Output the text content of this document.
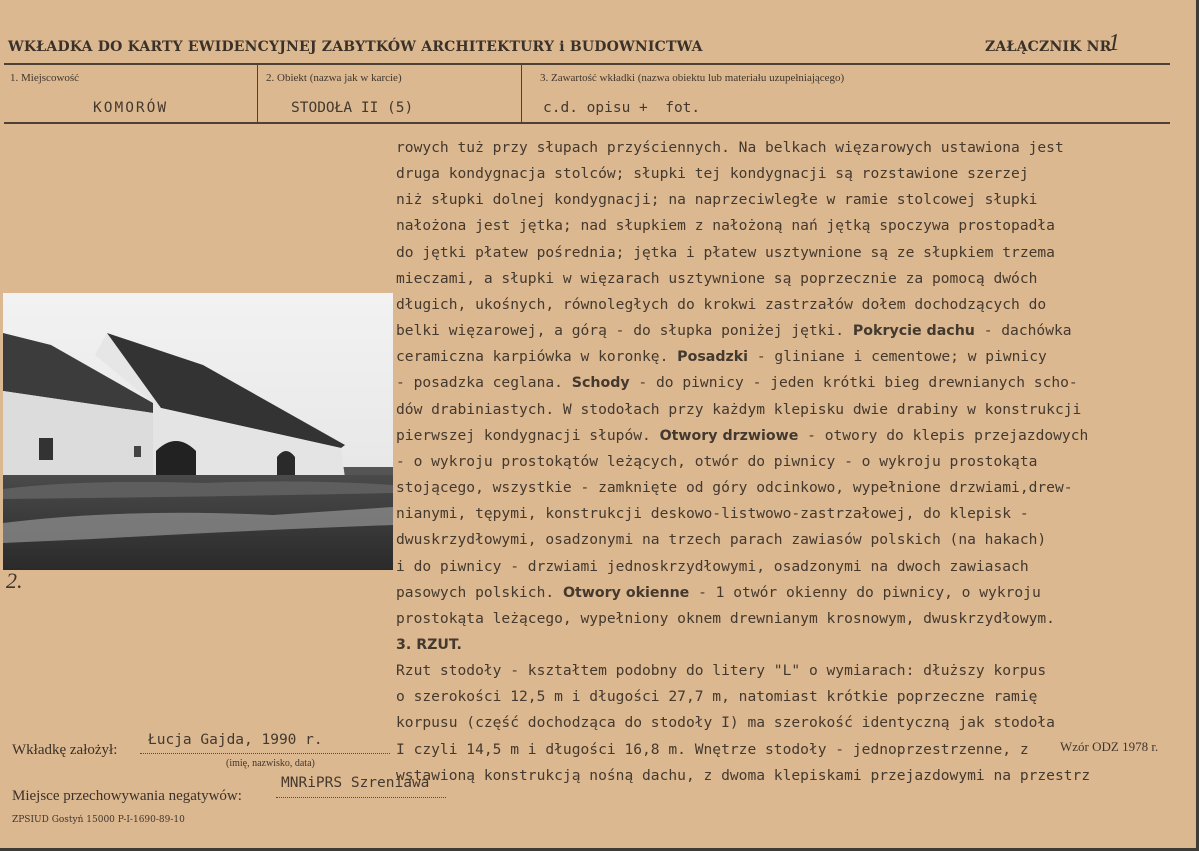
WKŁADKA DO KARTY EWIDENCYJNEJ ZABYTKÓW ARCHITEKTURY i BUDOWNICTWA	ZAŁĄCZNIK NR
1
1. Miejscowość
KOMORÓW
2. Obiekt (nazwa jak w karcie)
STODOŁA II (5)
3. Zawartość wkładki (nazwa obiektu lub materiału uzupełniającego)
c.d. opisu +  fot.
2.
rowych tuż przy słupach przyściennych. Na belkach więzarowych ustawiona jest
druga kondygnacja stolców; słupki tej kondygnacji są rozstawione szerzej
niż słupki dolnej kondygnacji; na naprzeciwległe w ramie stolcowej słupki
nałożona jest jętka; nad słupkiem z nałożoną nań jętką spoczywa prostopadła
do jętki płatew pośrednia; jętka i płatew usztywnione są ze słupkiem trzema
mieczami, a słupki w więzarach usztywnione są poprzecznie za pomocą dwóch
długich, ukośnych, równoległych do krokwi zastrzałów dołem dochodzących do
belki więzarowej, a górą - do słupka poniżej jętki. Pokrycie dachu - dachówka
ceramiczna karpiówka w koronkę. Posadzki - gliniane i cementowe; w piwnicy
- posadzka ceglana. Schody - do piwnicy - jeden krótki bieg drewnianych scho-
dów drabiniastych. W stodołach przy każdym klepisku dwie drabiny w konstrukcji
pierwszej kondygnacji słupów. Otwory drzwiowe - otwory do klepis przejazdowych
- o wykroju prostokątów leżących, otwór do piwnicy - o wykroju prostokąta
stojącego, wszystkie - zamknięte od góry odcinkowo, wypełnione drzwiami,drew-
nianymi, tępymi, konstrukcji deskowo-listwowo-zastrzałowej, do klepisk -
dwuskrzydłowymi, osadzonymi na trzech parach zawiasów polskich (na hakach)
i do piwnicy - drzwiami jednoskrzydłowymi, osadzonymi na dwoch zawiasach
pasowych polskich. Otwory okienne - 1 otwór okienny do piwnicy, o wykroju
prostokąta leżącego, wypełniony oknem drewnianym krosnowym, dwuskrzydłowym.
3. RZUT.
Rzut stodoły - kształtem podobny do litery "L" o wymiarach: dłuższy korpus
o szerokości 12,5 m i długości 27,7 m, natomiast krótkie poprzeczne ramię
korpusu (część dochodząca do stodoły I) ma szerokość identyczną jak stodoła
I czyli 14,5 m i długości 16,8 m. Wnętrze stodoły - jednoprzestrzenne, z
wstawioną konstrukcją nośną dachu, z dwoma klepiskami przejazdowymi na przestrz
Wkładkę założył:
Łucja Gajda, 1990 r.
(imię, nazwisko, data)
Miejsce przechowywania negatywów:
MNRiPRS Szreniawa
Wzór ODZ 1978 r.
ZPSIUD Gostyń 15000 P-I-1690-89-10
